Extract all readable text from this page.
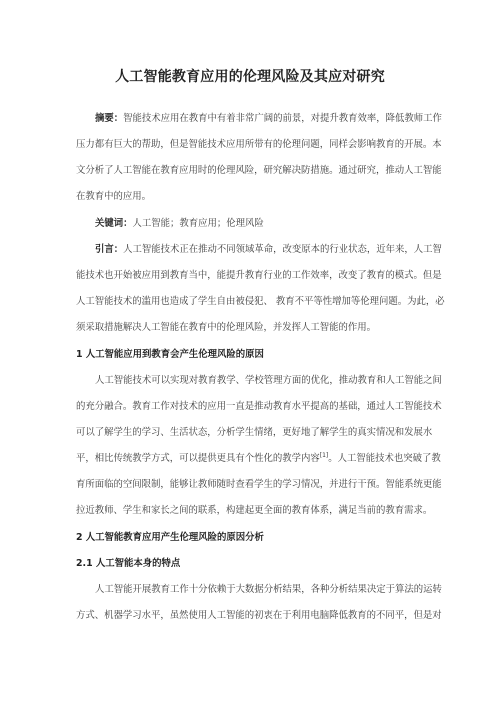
人工智能教育应用的伦理风险及其应对研究
摘要：智能技术应用在教育中有着非常广阔的前景，对提升教育效率，降低教师工作
压力都有巨大的帮助，但是智能技术应用所带有的伦理问题，同样会影响教育的开展。本
文分析了人工智能在教育应用时的伦理风险，研究解决防措施。通过研究，推动人工智能
在教育中的应用。
关键词：人工智能；教育应用；伦理风险
引言：人工智能技术正在推动不同领域革命，改变原本的行业状态，近年来，人工智
能技术也开始被应用到教育当中，能提升教育行业的工作效率，改变了教育的模式。但是
人工智能技术的滥用也造成了学生自由被侵犯、 教育不平等性增加等伦理问题。为此，必
须采取措施解决人工智能在教育中的伦理风险，并发挥人工智能的作用。
1 人工智能应用到教育会产生伦理风险的原因
人工智能技术可以实现对教育教学、学校管理方面的优化，推动教育和人工智能之间
的充分融合。教育工作对技术的应用一直是推动教育水平提高的基础，通过人工智能技术
可以了解学生的学习、生活状态，分析学生情绪，更好地了解学生的真实情况和发展水
平，相比传统教学方式，可以提供更具有个性化的教学内容[1]。人工智能技术也突破了教
育所面临的空间限制，能够让教师随时查看学生的学习情况，并进行干预。智能系统更能
拉近教师、学生和家长之间的联系，构建起更全面的教育体系，满足当前的教育需求。
2 人工智能教育应用产生伦理风险的原因分析
2.1 人工智能本身的特点
人工智能开展教育工作十分依赖于大数据分析结果，各种分析结果决定于算法的运转
方式、机器学习水平，虽然使用人工智能的初衷在于利用电脑降低教育的不同平，但是对
